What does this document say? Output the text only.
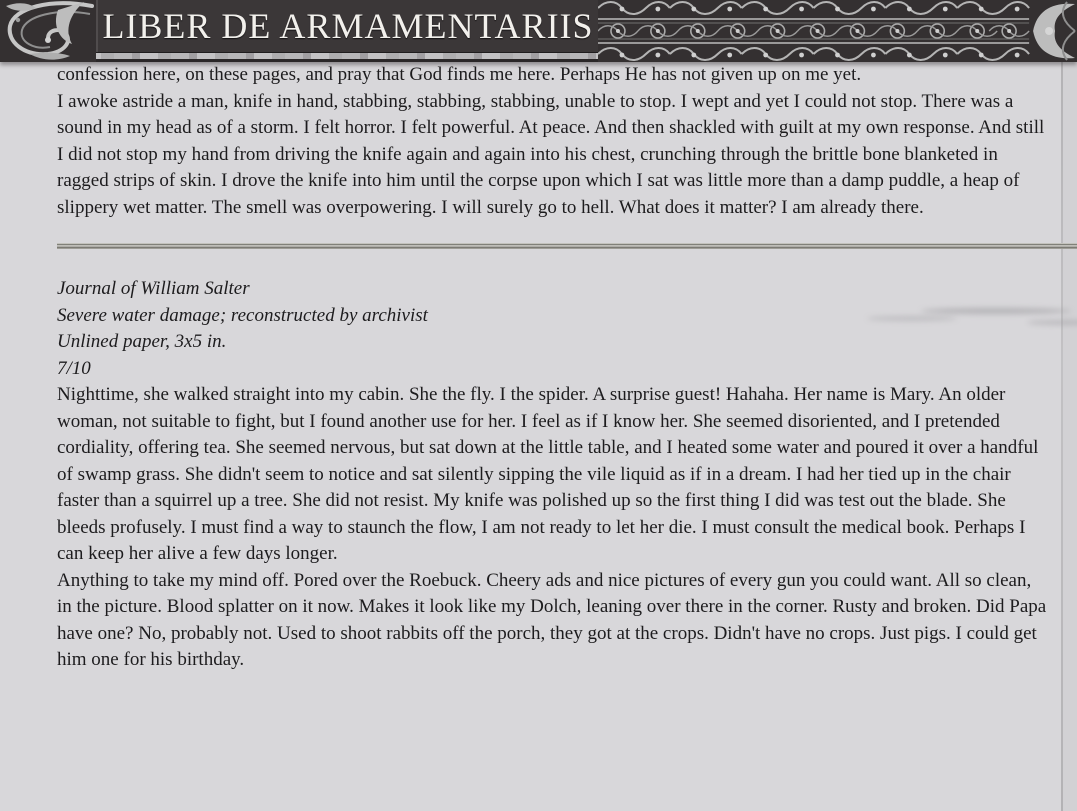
LIBER DE ARMAMENTARIIS

confession here, on these pages, and pray that God finds me here. Perhaps He has not given up on me yet.

I awoke astride a man, knife in hand, stabbing, stabbing, stabbing, unable to stop. I wept and yet I could not stop. There was a sound in my head as of a storm. I felt horror. I felt powerful. At peace. And then shackled with guilt at my own response. And still I did not stop my hand from driving the knife again and again into his chest, crunching through the brittle bone blanketed in ragged strips of skin. I drove the knife into him until the corpse upon which I sat was little more than a damp puddle, a heap of slippery wet matter. The smell was overpowering. I will surely go to hell. What does it matter? I am already there.

Journal of William Salter
Severe water damage; reconstructed by archivist
Unlined paper, 3x5 in.
7/10

Nighttime, she walked straight into my cabin. She the fly. I the spider. A surprise guest! Hahaha. Her name is Mary. An older woman, not suitable to fight, but I found another use for her. I feel as if I know her. She seemed disoriented, and I pretended cordiality, offering tea. She seemed nervous, but sat down at the little table, and I heated some water and poured it over a handful of swamp grass. She didn't seem to notice and sat silently sipping the vile liquid as if in a dream. I had her tied up in the chair faster than a squirrel up a tree. She did not resist. My knife was polished up so the first thing I did was test out the blade. She bleeds profusely. I must find a way to staunch the flow, I am not ready to let her die. I must consult the medical book. Perhaps I can keep her alive a few days longer.

Anything to take my mind off. Pored over the Roebuck. Cheery ads and nice pictures of every gun you could want. All so clean, in the picture. Blood splatter on it now. Makes it look like my Dolch, leaning over there in the corner. Rusty and broken. Did Papa have one? No, probably not. Used to shoot rabbits off the porch, they got at the crops. Didn't have no crops. Just pigs. I could get him one for his birthday.
